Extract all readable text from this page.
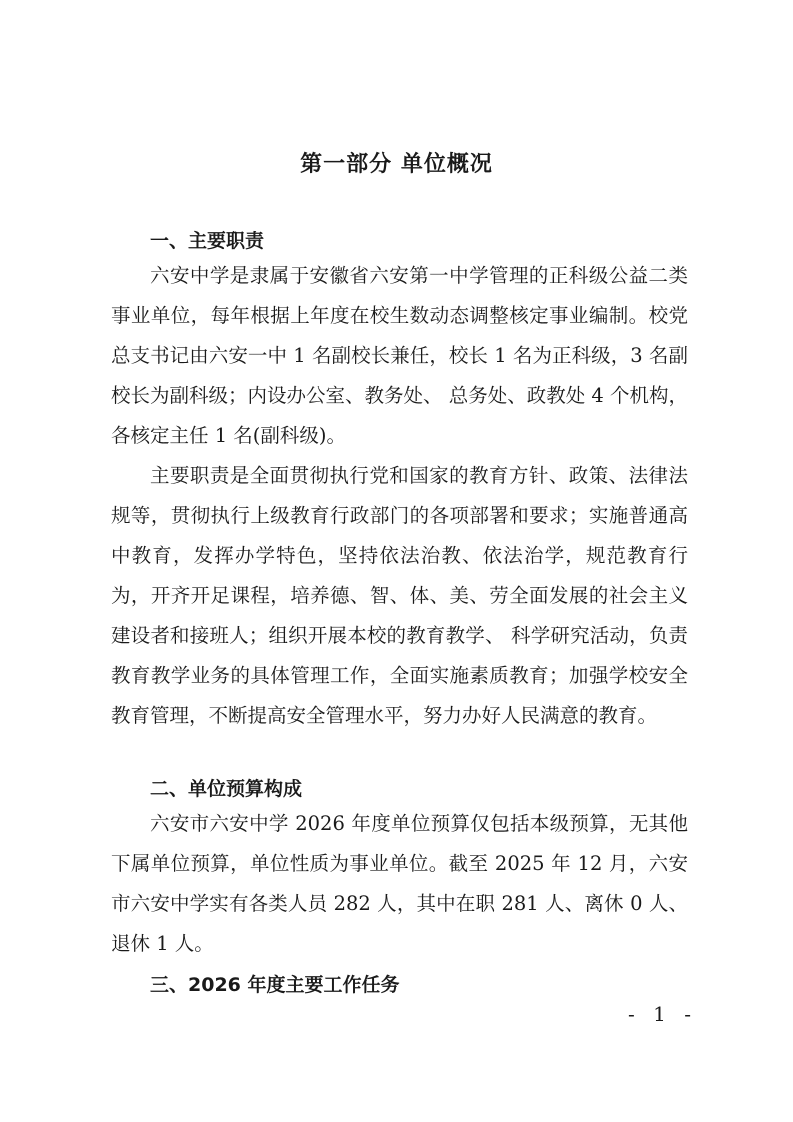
第一部分 单位概况
一、主要职责
六安中学是隶属于安徽省六安第一中学管理的正科级公益二类事业单位，每年根据上年度在校生数动态调整核定事业编制。校党总支书记由六安一中 1 名副校长兼任，校长 1 名为正科级，3 名副校长为副科级；内设办公室、教务处、 总务处、政教处 4 个机构，各核定主任 1 名(副科级)。
主要职责是全面贯彻执行党和国家的教育方针、政策、法律法规等，贯彻执行上级教育行政部门的各项部署和要求；实施普通高中教育，发挥办学特色，坚持依法治教、依法治学，规范教育行为，开齐开足课程，培养德、智、体、美、劳全面发展的社会主义建设者和接班人；组织开展本校的教育教学、 科学研究活动，负责教育教学业务的具体管理工作，全面实施素质教育；加强学校安全教育管理，不断提高安全管理水平，努力办好人民满意的教育。
二、单位预算构成
六安市六安中学 2026 年度单位预算仅包括本级预算，无其他下属单位预算，单位性质为事业单位。截至 2025 年 12 月，六安市六安中学实有各类人员 282 人，其中在职 281 人、离休 0 人、退休 1 人。
三、2026 年度主要工作任务
- 1 -
